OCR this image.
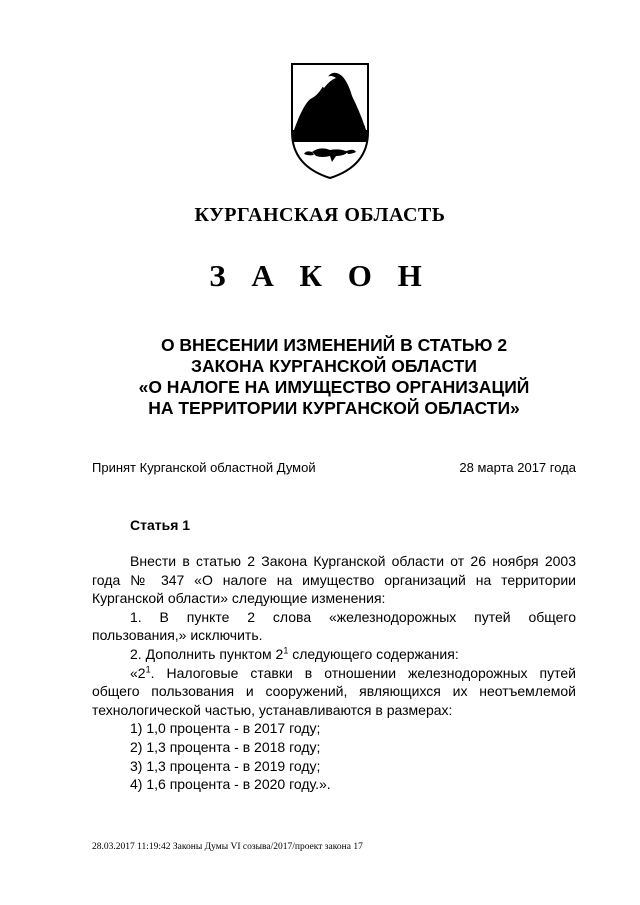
КУРГАНСКАЯ ОБЛАСТЬ
З А К О Н
О ВНЕСЕНИИ ИЗМЕНЕНИЙ В СТАТЬЮ 2
ЗАКОНА КУРГАНСКОЙ ОБЛАСТИ
«О НАЛОГЕ НА ИМУЩЕСТВО ОРГАНИЗАЦИЙ
НА ТЕРРИТОРИИ КУРГАНСКОЙ ОБЛАСТИ»
Принят Курганской областной Думой	28 марта 2017 года
Статья 1

Внести в статью 2 Закона Курганской области от 26 ноября 2003 года № 347 «О налоге на имущество организаций на территории Курганской области» следующие изменения:

1. В пункте 2 слова «железнодорожных путей общего пользования,» исключить.

2. Дополнить пунктом $2^1$ следующего содержания:

«$2^1$. Налоговые ставки в отношении железнодорожных путей общего пользования и сооружений, являющихся их неотъемлемой технологической частью, устанавливаются в размерах:

1) 1,0 процента - в 2017 году;

2) 1,3 процента - в 2018 году;

3) 1,3 процента - в 2019 году;

4) 1,6 процента - в 2020 году.».

28.03.2017 11:19:42 Законы Думы VI созыва/2017/проект закона 17
